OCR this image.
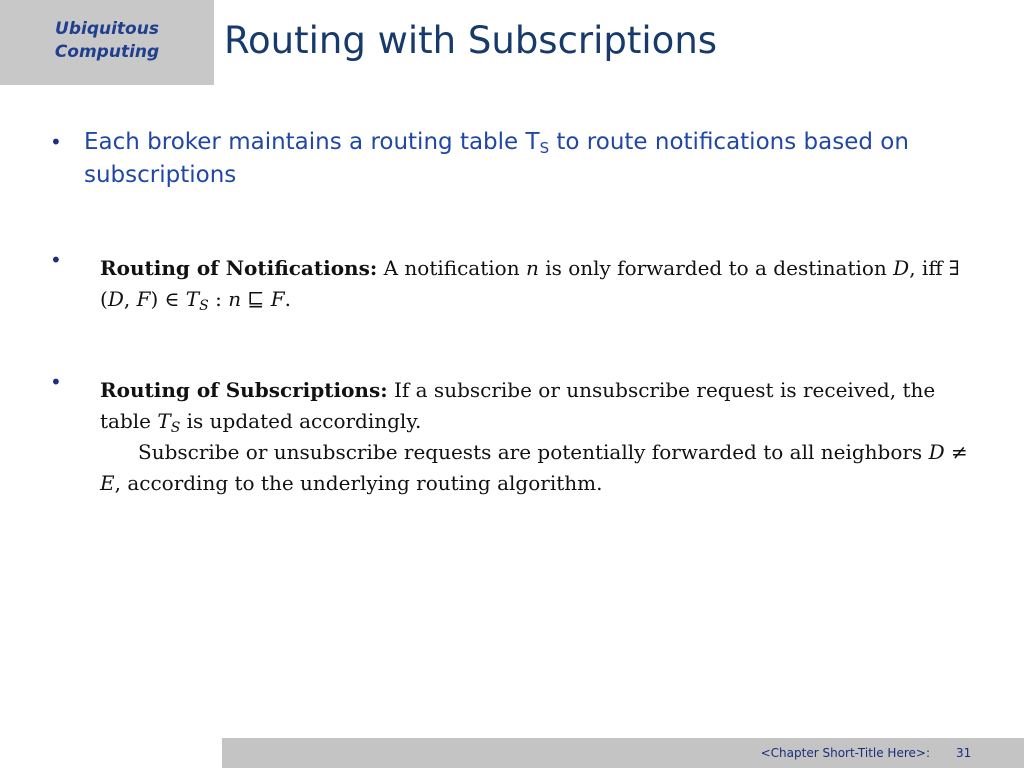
Ubiquitous
Computing	Routing with Subscriptions
• Each broker maintains a routing table $T_S$ to route notifications based on subscriptions
• Routing of Notifications: A notification n is only forwarded to a destination D, iff ∃ (D, F) ∈ $T_S$ : n ⊑ F.
• Routing of Subscriptions: If a subscribe or unsubscribe request is received, the table $T_S$ is updated accordingly.
Subscribe or unsubscribe requests are potentially forwarded to all neighbors D ≠ E, according to the underlying routing algorithm.
<Chapter Short-Title Here>: 31
